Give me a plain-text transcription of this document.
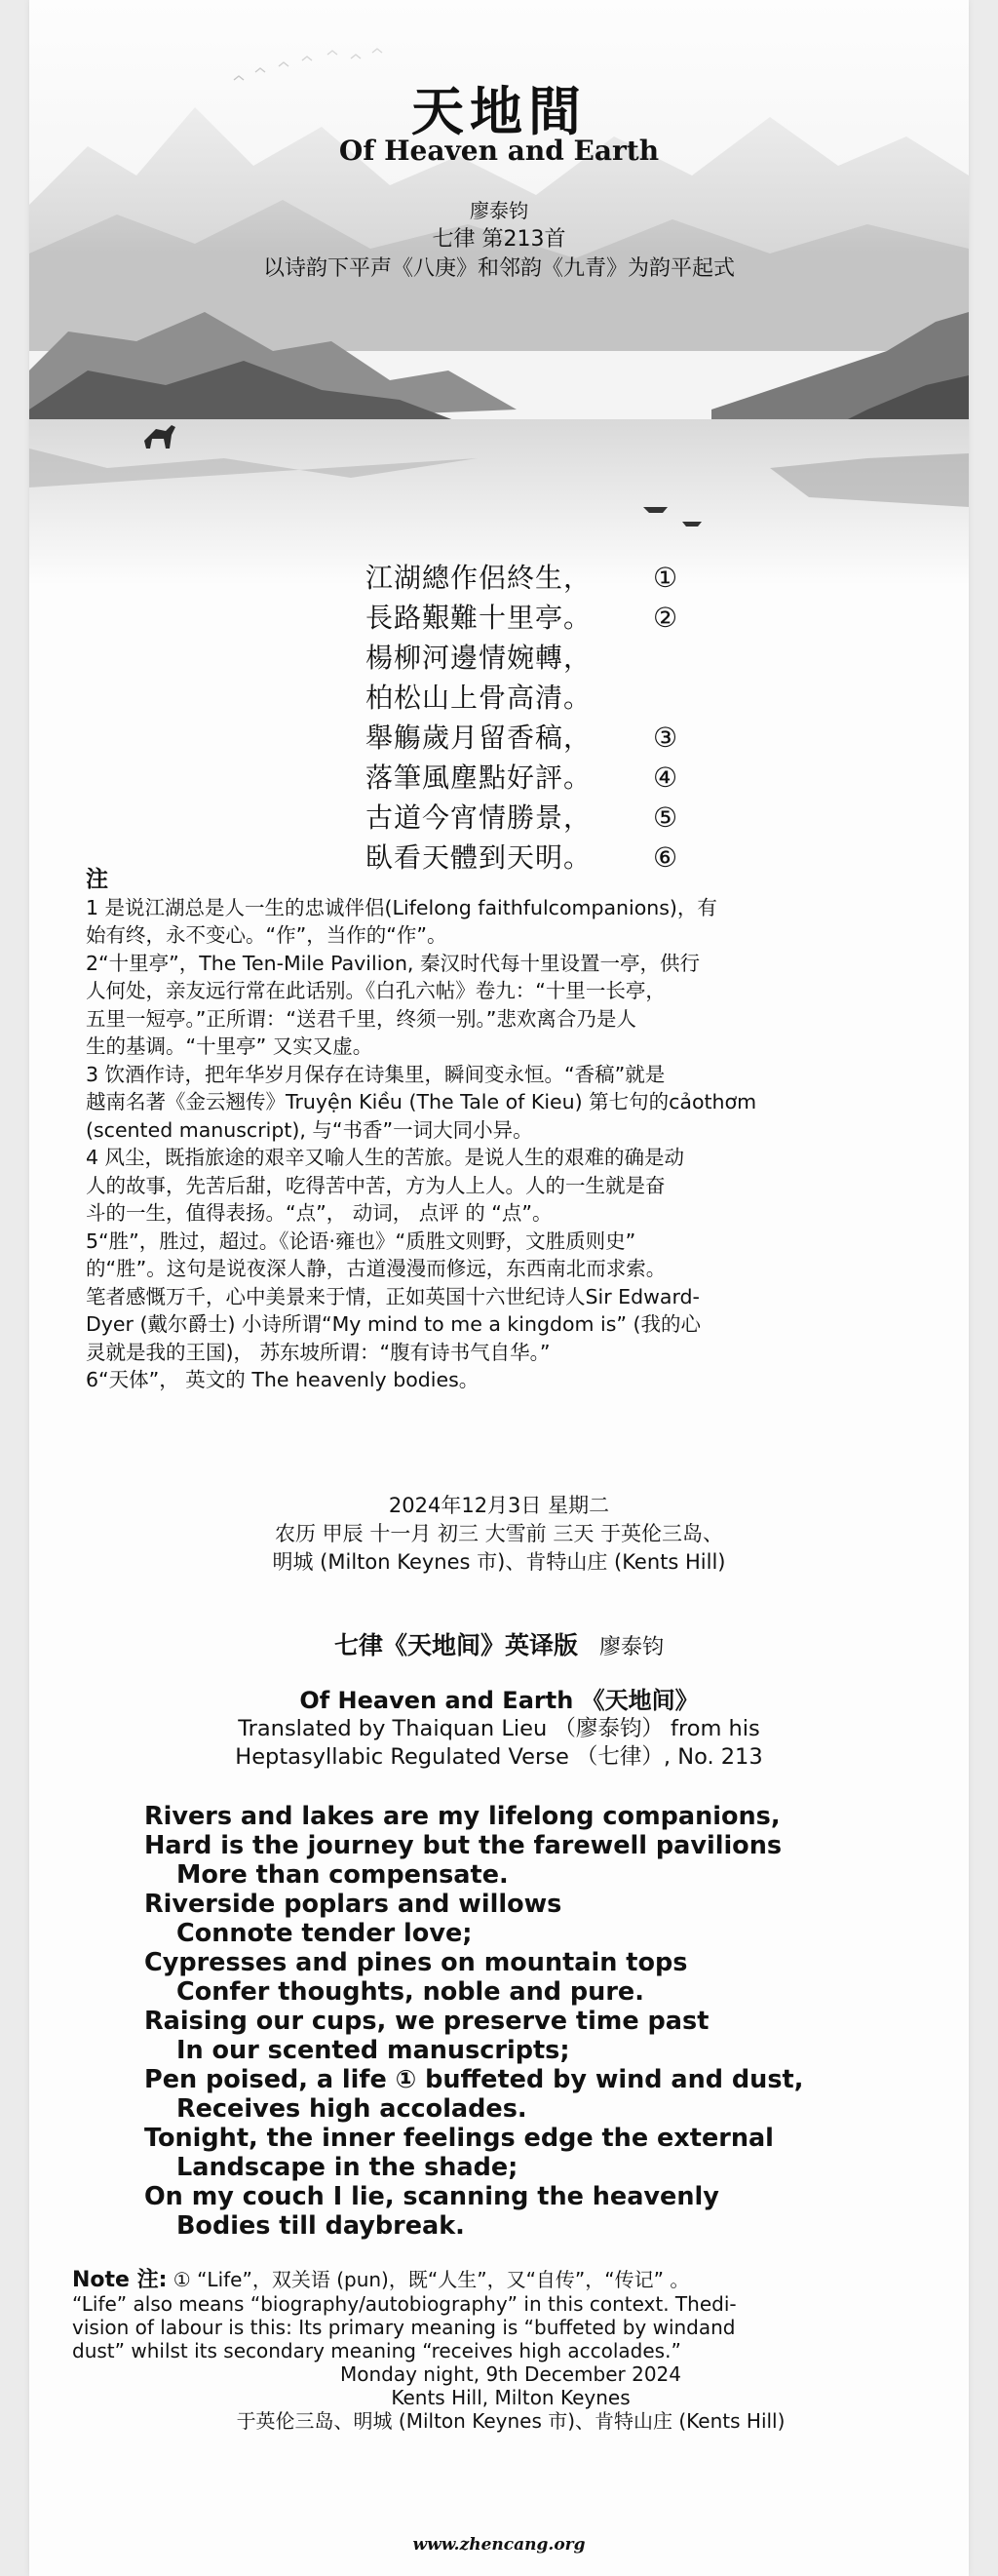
天地間
Of Heaven and Earth
廖泰钧
七律 第213首
以诗韵下平声《八庚》和邻韵《九青》为韵平起式
江湖總作侶終生， ①
長路艱難十里亭。 ②
楊柳河邊情婉轉，
柏松山上骨高清。
舉觴歲月留香稿， ③
落筆風塵點好評。 ④
古道今宵情勝景， ⑤
臥看天體到天明。 ⑥
注
1 是说江湖总是人一生的忠诚伴侣(Lifelong faithfulcompanions)，有
始有终，永不变心。“作”，当作的“作”。
2“十里亭”，The Ten-Mile Pavilion, 秦汉时代每十里设置一亭，供行
人何处，亲友远行常在此话别。《白孔六帖》卷九：“十里一长亭，
五里一短亭。”正所谓：“送君千里，终须一别。”悲欢离合乃是人
生的基调。“十里亭” 又实又虚。
3 饮酒作诗，把年华岁月保存在诗集里，瞬间变永恒。“香稿”就是
越南名著《金云翘传》Truyện Kiều (The Tale of Kieu) 第七句的cảothơm
(scented manuscript), 与“书香”一词大同小异。
4 风尘，既指旅途的艰辛又喻人生的苦旅。是说人生的艰难的确是动
人的故事，先苦后甜，吃得苦中苦，方为人上人。人的一生就是奋
斗的一生，值得表扬。“点”， 动词， 点评 的 “点”。
5“胜”，胜过，超过。《论语·雍也》“质胜文则野，文胜质则史”
的“胜”。这句是说夜深人静，古道漫漫而修远，东西南北而求索。
笔者感慨万千，心中美景来于情，正如英国十六世纪诗人Sir Edward-
Dyer (戴尔爵士) 小诗所谓“My mind to me a kingdom is” (我的心
灵就是我的王国)， 苏东坡所谓：“腹有诗书气自华。”
6“天体”， 英文的 The heavenly bodies。
2024年12月3日 星期二
农历 甲辰 十一月 初三 大雪前 三天 于英伦三岛、
明城 (Milton Keynes 市)、肯特山庄 (Kents Hill)
七律《天地间》英译版 廖泰钧
Of Heaven and Earth 《天地间》
Translated by Thaiquan Lieu （廖泰钧） from his
Heptasyllabic Regulated Verse （七律）, No. 213
Rivers and lakes are my lifelong companions,
Hard is the journey but the farewell pavilions
More than compensate.
Riverside poplars and willows
Connote tender love;
Cypresses and pines on mountain tops
Confer thoughts, noble and pure.
Raising our cups, we preserve time past
In our scented manuscripts;
Pen poised, a life ① buffeted by wind and dust,
Receives high accolades.
Tonight, the inner feelings edge the external
Landscape in the shade;
On my couch I lie, scanning the heavenly
Bodies till daybreak.
Note 注: ① “Life”，双关语 (pun)，既“人生”，又“自传”，“传记” 。
“Life” also means “biography/autobiography” in this context. Thedi-
vision of labour is this: Its primary meaning is “buffeted by windand
dust” whilst its secondary meaning “receives high accolades.”
Monday night, 9th December 2024
Kents Hill, Milton Keynes
于英伦三岛、明城 (Milton Keynes 市)、肯特山庄 (Kents Hill)
www.zhencang.org
